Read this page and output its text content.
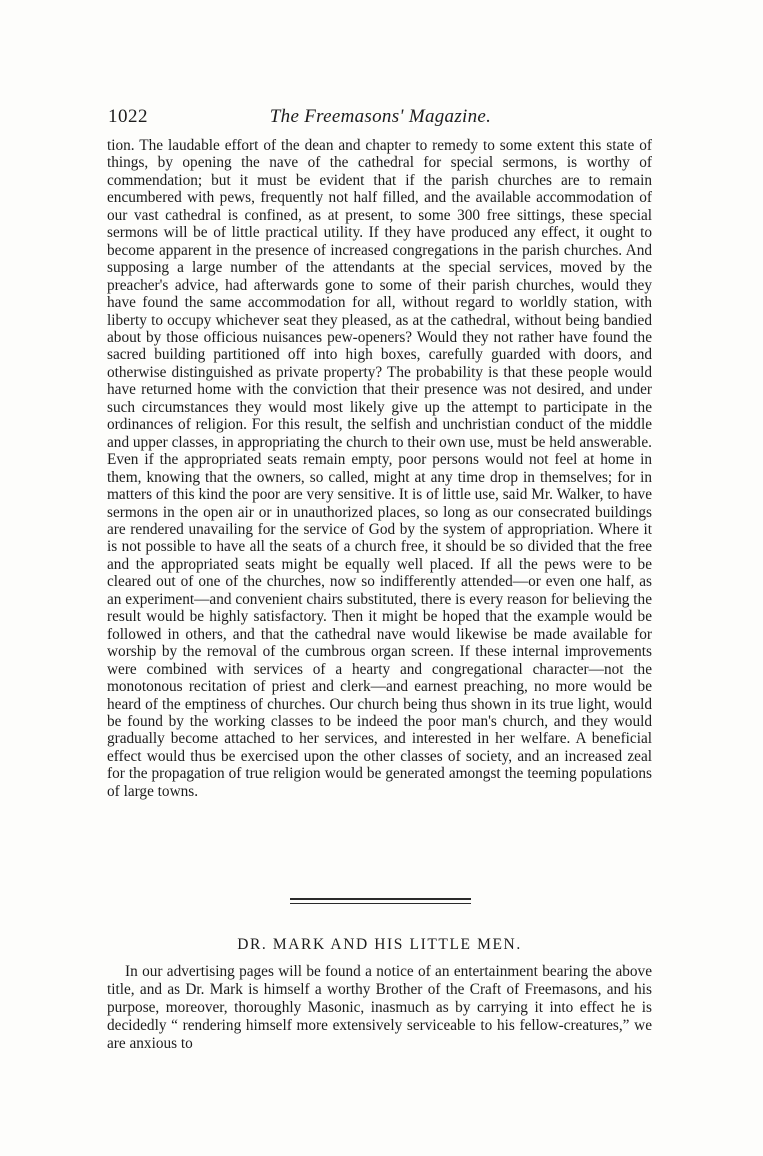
1022	The Freemasons' Magazine.

tion. The laudable effort of the dean and chapter to remedy to some extent this state of things, by opening the nave of the cathedral for special sermons, is worthy of commendation; but it must be evident that if the parish churches are to remain encumbered with pews, frequently not half filled, and the available accommodation of our vast cathedral is confined, as at present, to some 300 free sittings, these special sermons will be of little practical utility. If they have produced any effect, it ought to become apparent in the presence of increased congregations in the parish churches. And supposing a large number of the attendants at the special services, moved by the preacher's advice, had afterwards gone to some of their parish churches, would they have found the same accommodation for all, without regard to worldly station, with liberty to occupy whichever seat they pleased, as at the cathedral, without being bandied about by those officious nuisances pew-openers? Would they not rather have found the sacred building partitioned off into high boxes, carefully guarded with doors, and otherwise distinguished as private property? The probability is that these people would have returned home with the conviction that their presence was not desired, and under such circumstances they would most likely give up the attempt to participate in the ordinances of religion. For this result, the selfish and unchristian conduct of the middle and upper classes, in appropriating the church to their own use, must be held answerable. Even if the appropriated seats remain empty, poor persons would not feel at home in them, knowing that the owners, so called, might at any time drop in themselves; for in matters of this kind the poor are very sensitive. It is of little use, said Mr. Walker, to have sermons in the open air or in unauthorized places, so long as our consecrated buildings are rendered unavailing for the service of God by the system of appropriation. Where it is not possible to have all the seats of a church free, it should be so divided that the free and the appropriated seats might be equally well placed. If all the pews were to be cleared out of one of the churches, now so indifferently attended—or even one half, as an experiment—and convenient chairs substituted, there is every reason for believing the result would be highly satisfactory. Then it might be hoped that the example would be followed in others, and that the cathedral nave would likewise be made available for worship by the removal of the cumbrous organ screen. If these internal improvements were combined with services of a hearty and congregational character—not the monotonous recitation of priest and clerk—and earnest preaching, no more would be heard of the emptiness of churches. Our church being thus shown in its true light, would be found by the working classes to be indeed the poor man's church, and they would gradually become attached to her services, and interested in her welfare. A beneficial effect would thus be exercised upon the other classes of society, and an increased zeal for the propagation of true religion would be generated amongst the teeming populations of large towns.

DR. MARK AND HIS LITTLE MEN.

In our advertising pages will be found a notice of an entertainment bearing the above title, and as Dr. Mark is himself a worthy Brother of the Craft of Freemasons, and his purpose, moreover, thoroughly Masonic, inasmuch as by carrying it into effect he is decidedly “ rendering himself more extensively serviceable to his fellow-creatures,” we are anxious to
